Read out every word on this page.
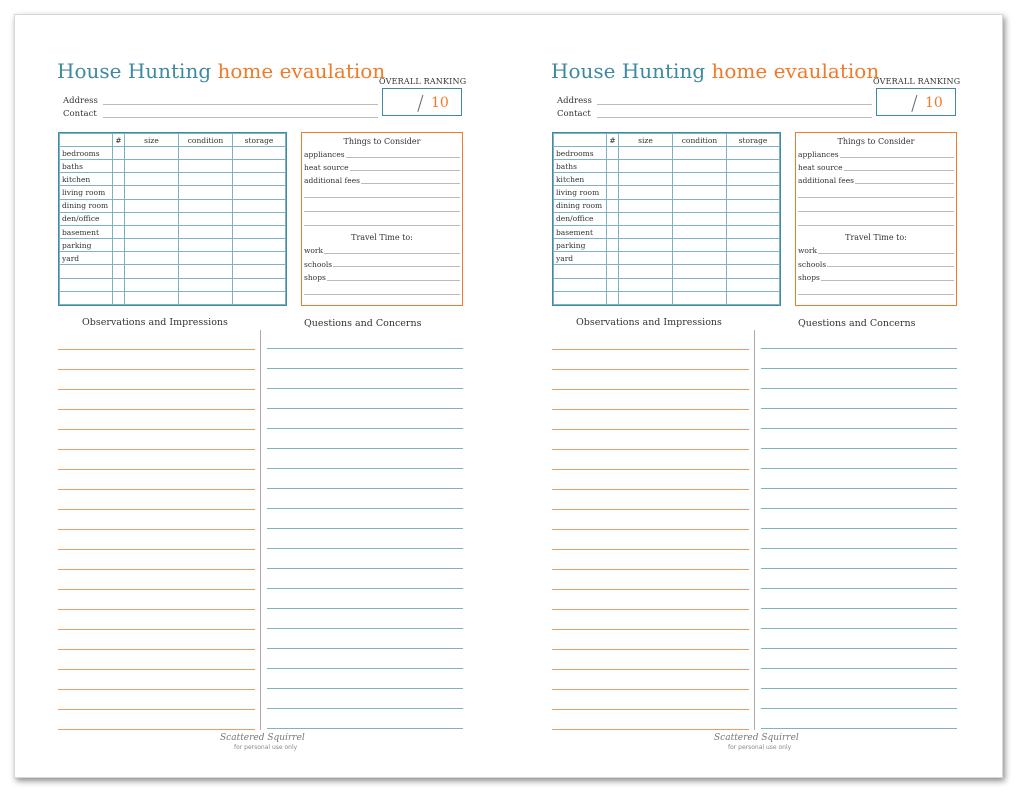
House Hunting home evaulation
Address
Contact
OVERALL RANKING
/ 10
	#	size	condition	storage
bedrooms				
baths				
kitchen				
living room				
dining room				
den/office				
basement				
parking				
yard				

Things to Consider
appliances
heat source
additional fees
Travel Time to:
work
schools
shops
Observations and Impressions	Questions and Concerns
Scattered Squirrel
for personal use only
House Hunting home evaulation
Address
Contact
OVERALL RANKING
/ 10
	#	size	condition	storage
bedrooms				
baths				
kitchen				
living room				
dining room				
den/office				
basement				
parking				
yard				

Things to Consider
appliances
heat source
additional fees
Travel Time to:
work
schools
shops
Observations and Impressions	Questions and Concerns
Scattered Squirrel
for personal use only
